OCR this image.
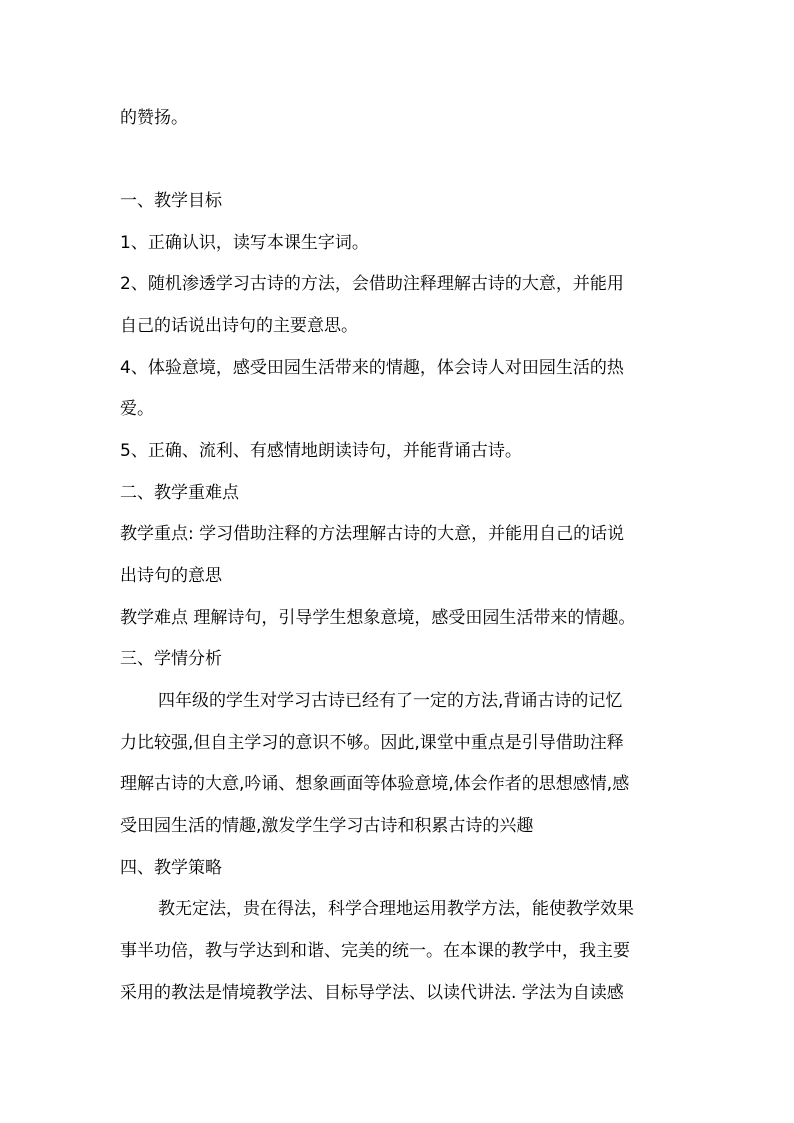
的赞扬。
一、教学目标
1、正确认识，读写本课生字词。
2、随机渗透学习古诗的方法，会借助注释理解古诗的大意，并能用
自己的话说出诗句的主要意思。
4、体验意境，感受田园生活带来的情趣，体会诗人对田园生活的热
爱。
5、正确、流利、有感情地朗读诗句，并能背诵古诗。
二、教学重难点
教学重点: 学习借助注释的方法理解古诗的大意，并能用自己的话说
出诗句的意思
教学难点 理解诗句，引导学生想象意境，感受田园生活带来的情趣。
三、学情分析
四年级的学生对学习古诗已经有了一定的方法,背诵古诗的记忆
力比较强,但自主学习的意识不够。因此,课堂中重点是引导借助注释
理解古诗的大意,吟诵、想象画面等体验意境,体会作者的思想感情,感
受田园生活的情趣,激发学生学习古诗和积累古诗的兴趣
四、教学策略
教无定法，贵在得法，科学合理地运用教学方法，能使教学效果
事半功倍，教与学达到和谐、完美的统一。在本课的教学中，我主要
采用的教法是情境教学法、目标导学法、以读代讲法. 学法为自读感
